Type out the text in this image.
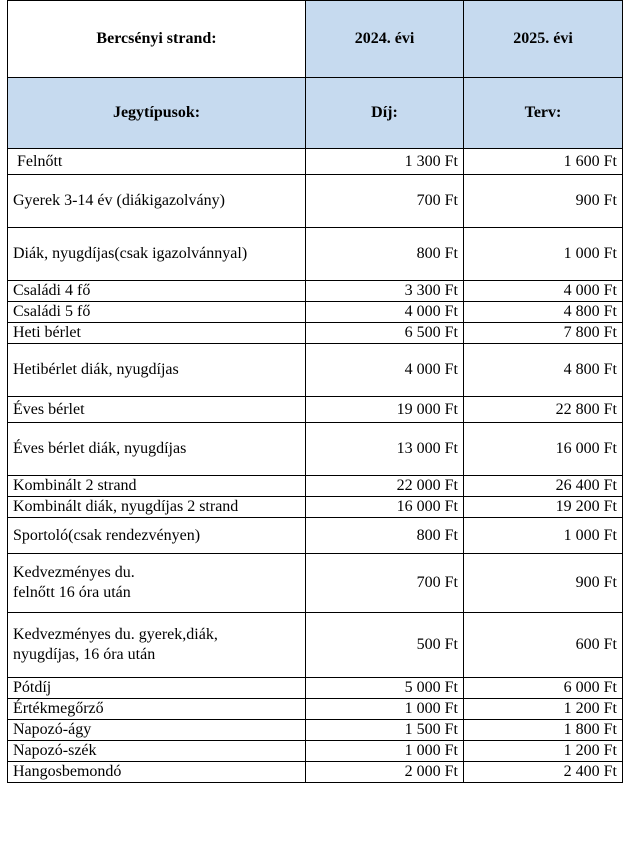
Bercsényi strand:	2024. évi	2025. évi
Jegytípusok:	Díj:	Terv:
Felnőtt	1 300 Ft	1 600 Ft
Gyerek 3-14 év (diákigazolvány)	700 Ft	900 Ft
Diák, nyugdíjas(csak igazolvánnyal)	800 Ft	1 000 Ft
Családi 4 fő	3 300 Ft	4 000 Ft
Családi 5 fő	4 000 Ft	4 800 Ft
Heti bérlet	6 500 Ft	7 800 Ft
Hetibérlet diák, nyugdíjas	4 000 Ft	4 800 Ft
Éves bérlet	19 000 Ft	22 800 Ft
Éves bérlet diák, nyugdíjas	13 000 Ft	16 000 Ft
Kombinált 2 strand	22 000 Ft	26 400 Ft
Kombinált diák, nyugdíjas 2 strand	16 000 Ft	19 200 Ft
Sportoló(csak rendezvényen)	800 Ft	1 000 Ft

Kedvezményes du.
felnőtt 16 óra után	700 Ft	900 Ft

Kedvezményes du. gyerek,diák,
nyugdíjas, 16 óra után	500 Ft	600 Ft
Pótdíj	5 000 Ft	6 000 Ft
Értékmegőrző	1 000 Ft	1 200 Ft
Napozó-ágy	1 500 Ft	1 800 Ft
Napozó-szék	1 000 Ft	1 200 Ft
Hangosbemondó	2 000 Ft	2 400 Ft
